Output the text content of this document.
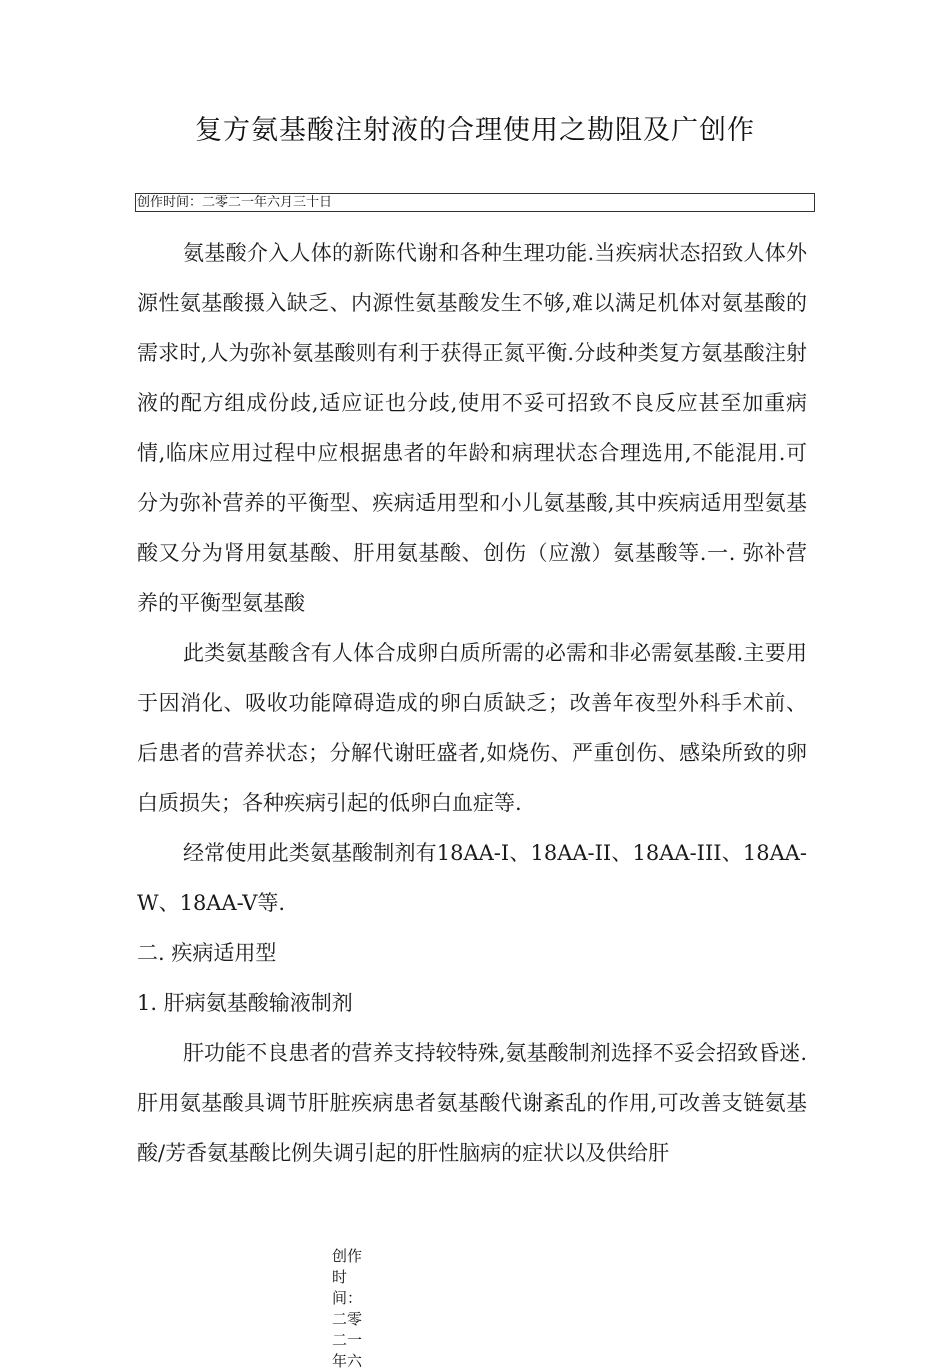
复方氨基酸注射液的合理使用之勘阻及广创作
创作时间：二零二一年六月三十日

氨基酸介入人体的新陈代谢和各种生理功能.当疾病状态招致人体外源性氨基酸摄入缺乏、内源性氨基酸发生不够,难以满足机体对氨基酸的需求时,人为弥补氨基酸则有利于获得正氮平衡.分歧种类复方氨基酸注射液的配方组成份歧,适应证也分歧,使用不妥可招致不良反应甚至加重病情,临床应用过程中应根据患者的年龄和病理状态合理选用,不能混用.可分为弥补营养的平衡型、疾病适用型和小儿氨基酸,其中疾病适用型氨基酸又分为肾用氨基酸、肝用氨基酸、创伤（应激）氨基酸等.一. 弥补营养的平衡型氨基酸

此类氨基酸含有人体合成卵白质所需的必需和非必需氨基酸.主要用于因消化、吸收功能障碍造成的卵白质缺乏；改善年夜型外科手术前、后患者的营养状态；分解代谢旺盛者,如烧伤、严重创伤、感染所致的卵白质损失；各种疾病引起的低卵白血症等.

经常使用此类氨基酸制剂有18AA-I、18AA-II、18AA-III、18AA-W、18AA-V等.

二. 疾病适用型

1. 肝病氨基酸输液制剂

肝功能不良患者的营养支持较特殊,氨基酸制剂选择不妥会招致昏迷.肝用氨基酸具调节肝脏疾病患者氨基酸代谢紊乱的作用,可改善支链氨基酸/芳香氨基酸比例失调引起的肝性脑病的症状以及供给肝

创作时间：二零二一年六
